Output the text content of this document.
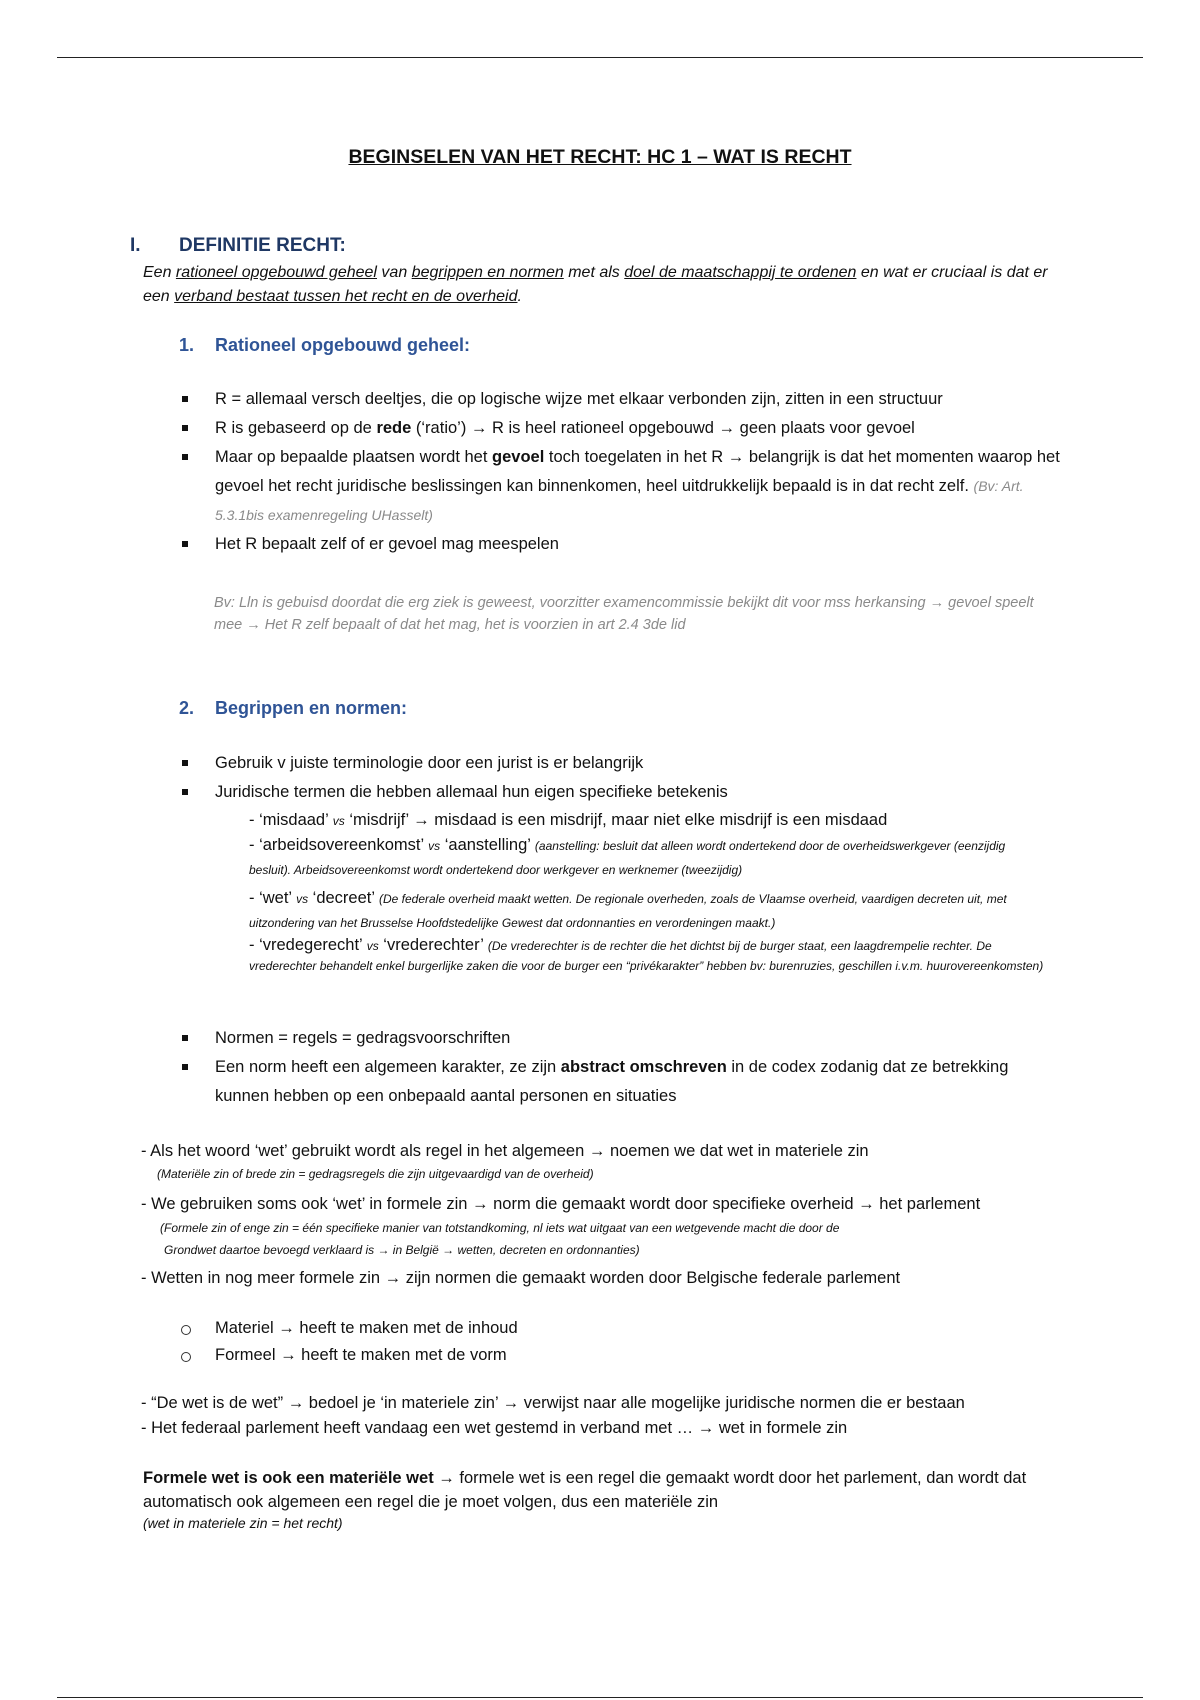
BEGINSELEN VAN HET RECHT: HC 1 – WAT IS RECHT
I. DEFINITIE RECHT:
Een rationeel opgebouwd geheel van begrippen en normen met als doel de maatschappij te ordenen en wat er cruciaal is dat er een verband bestaat tussen het recht en de overheid.
1. Rationeel opgebouwd geheel:
R = allemaal versch deeltjes, die op logische wijze met elkaar verbonden zijn, zitten in een structuur
R is gebaseerd op de rede (‘ratio’) → R is heel rationeel opgebouwd → geen plaats voor gevoel
Maar op bepaalde plaatsen wordt het gevoel toch toegelaten in het R → belangrijk is dat het momenten waarop het gevoel het recht juridische beslissingen kan binnenkomen, heel uitdrukkelijk bepaald is in dat recht zelf. (Bv: Art. 5.3.1bis examenregeling UHasselt)
Het R bepaalt zelf of er gevoel mag meespelen
Bv: Lln is gebuisd doordat die erg ziek is geweest, voorzitter examencommissie bekijkt dit voor mss herkansing → gevoel speelt mee → Het R zelf bepaalt of dat het mag, het is voorzien in art 2.4 3de lid
2. Begrippen en normen:
Gebruik v juiste terminologie door een jurist is er belangrijk
Juridische termen die hebben allemaal hun eigen specifieke betekenis
- ‘misdaad’ vs ‘misdrijf’ → misdaad is een misdrijf, maar niet elke misdrijf is een misdaad
- ‘arbeidsovereenkomst’ vs ‘aanstelling’ (aanstelling: besluit dat alleen wordt ondertekend door de overheidswerkgever (eenzijdig besluit). Arbeidsovereenkomst wordt ondertekend door werkgever en werknemer (tweezijdig)
- ‘wet’ vs ‘decreet’ (De federale overheid maakt wetten. De regionale overheden, zoals de Vlaamse overheid, vaardigen decreten uit, met uitzondering van het Brusselse Hoofdstedelijke Gewest dat ordonnanties en verordeningen maakt.)
- ‘vredegerecht’ vs ‘vrederechter’ (De vrederechter is de rechter die het dichtst bij de burger staat, een laagdrempelie rechter. De vrederechter behandelt enkel burgerlijke zaken die voor de burger een “privékarakter” hebben bv: burenruzies, geschillen i.v.m. huurovereenkomsten)
Normen = regels = gedragsvoorschriften
Een norm heeft een algemeen karakter, ze zijn abstract omschreven in de codex zodanig dat ze betrekking kunnen hebben op een onbepaald aantal personen en situaties
- Als het woord ‘wet’ gebruikt wordt als regel in het algemeen → noemen we dat wet in materiele zin
(Materiële zin of brede zin = gedragsregels die zijn uitgevaardigd van de overheid)
- We gebruiken soms ook ‘wet’ in formele zin → norm die gemaakt wordt door specifieke overheid → het parlement
(Formele zin of enge zin = één specifieke manier van totstandkoming, nl iets wat uitgaat van een wetgevende macht die door de
Grondwet daartoe bevoegd verklaard is → in België → wetten, decreten en ordonnanties)
- Wetten in nog meer formele zin → zijn normen die gemaakt worden door Belgische federale parlement
Materiel → heeft te maken met de inhoud
Formeel → heeft te maken met de vorm
- “De wet is de wet” → bedoel je ‘in materiele zin’ → verwijst naar alle mogelijke juridische normen die er bestaan
- Het federaal parlement heeft vandaag een wet gestemd in verband met … → wet in formele zin
Formele wet is ook een materiële wet → formele wet is een regel die gemaakt wordt door het parlement, dan wordt dat automatisch ook algemeen een regel die je moet volgen, dus een materiële zin
(wet in materiele zin = het recht)
